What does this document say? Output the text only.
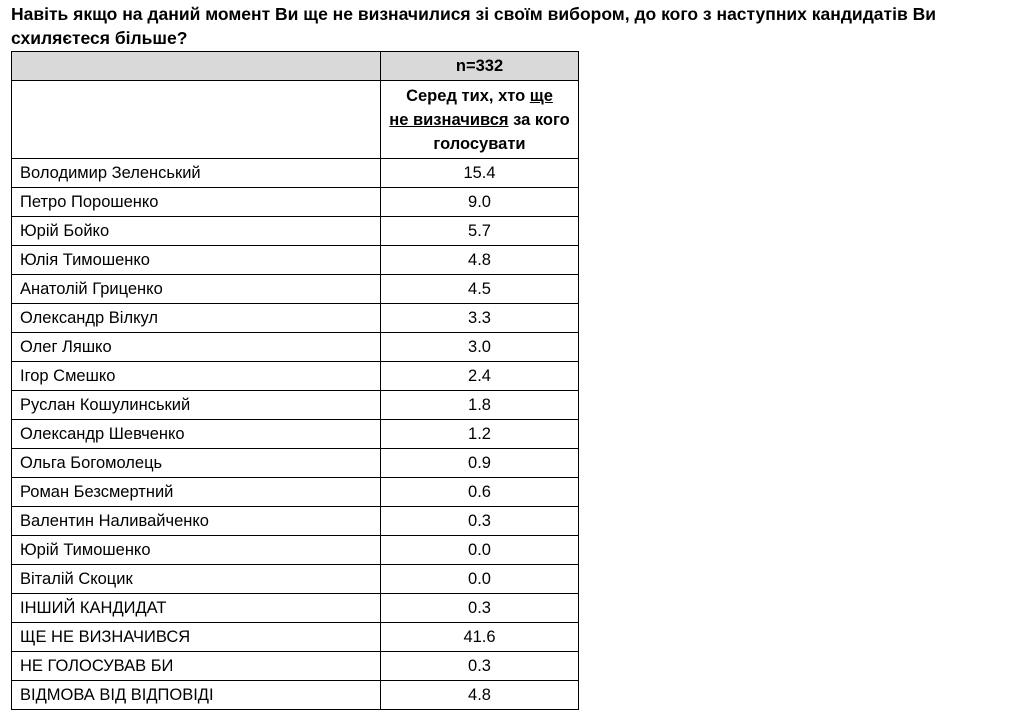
Навіть якщо на даний момент Ви ще не визначилися зі своїм вибором, до кого з наступних кандидатів Ви схиляєтеся більше?

	n=332
	Серед тих, хто ще
не визначився за кого голосувати
Володимир Зеленський	15.4
Петро Порошенко	9.0
Юрій Бойко	5.7
Юлія Тимошенко	4.8
Анатолій Гриценко	4.5
Олександр Вілкул	3.3
Олег Ляшко	3.0
Ігор Смешко	2.4
Руслан Кошулинський	1.8
Олександр Шевченко	1.2
Ольга Богомолець	0.9
Роман Безсмертний	0.6
Валентин Наливайченко	0.3
Юрій Тимошенко	0.0
Віталій Скоцик	0.0
ІНШИЙ КАНДИДАТ	0.3
ЩЕ НЕ ВИЗНАЧИВСЯ	41.6
НЕ ГОЛОСУВАВ БИ	0.3
ВІДМОВА ВІД ВІДПОВІДІ	4.8
